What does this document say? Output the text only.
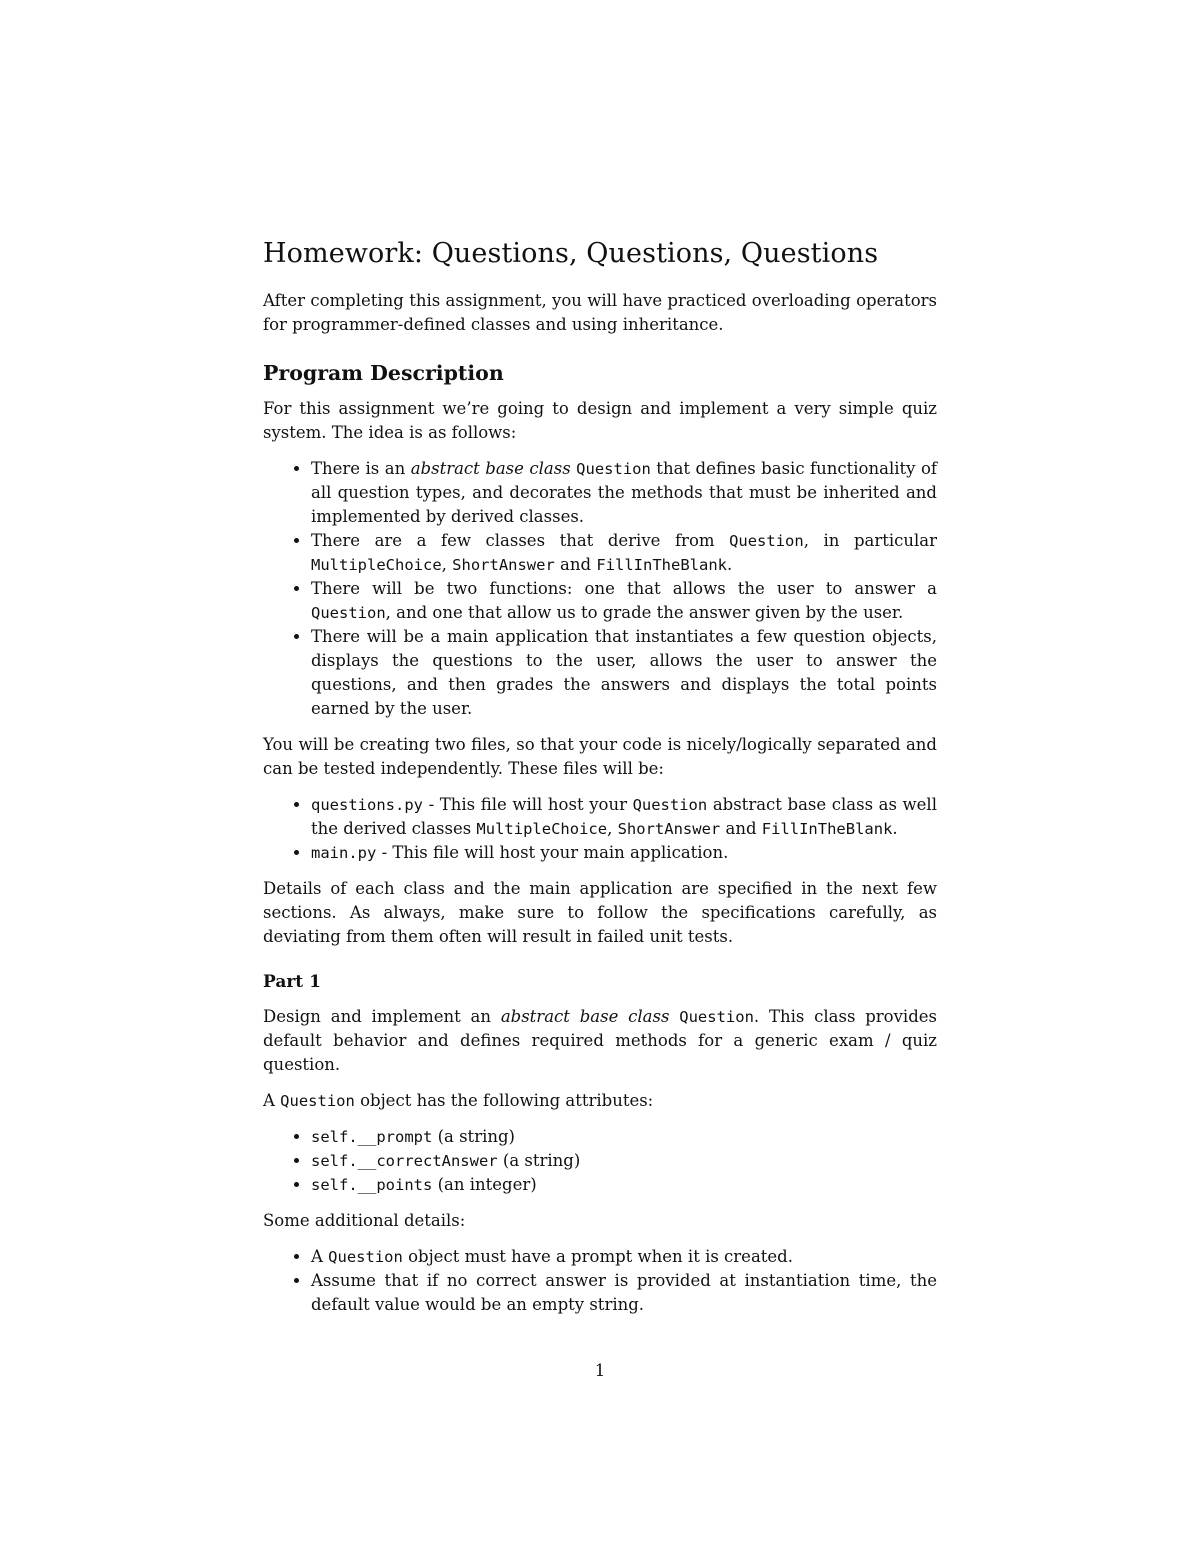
Homework: Questions, Questions, Questions

After completing this assignment, you will have practiced overloading operators for programmer-defined classes and using inheritance.

Program Description

For this assignment we’re going to design and implement a very simple quiz system. The idea is as follows:

• There is an abstract base class Question that defines basic functionality of all question types, and decorates the methods that must be inherited and implemented by derived classes.
• There are a few classes that derive from Question, in particular MultipleChoice, ShortAnswer and FillInTheBlank.
• There will be two functions: one that allows the user to answer a Question, and one that allow us to grade the answer given by the user.
• There will be a main application that instantiates a few question objects, displays the questions to the user, allows the user to answer the questions, and then grades the answers and displays the total points earned by the user.

You will be creating two files, so that your code is nicely/logically separated and can be tested independently. These files will be:

• questions.py - This file will host your Question abstract base class as well the derived classes MultipleChoice, ShortAnswer and FillInTheBlank.
• main.py - This file will host your main application.

Details of each class and the main application are specified in the next few sections. As always, make sure to follow the specifications carefully, as deviating from them often will result in failed unit tests.

Part 1

Design and implement an abstract base class Question. This class provides default behavior and defines required methods for a generic exam / quiz question.

A Question object has the following attributes:

• self.__prompt (a string)
• self.__correctAnswer (a string)
• self.__points (an integer)

Some additional details:

• A Question object must have a prompt when it is created.
• Assume that if no correct answer is provided at instantiation time, the default value would be an empty string.
1
